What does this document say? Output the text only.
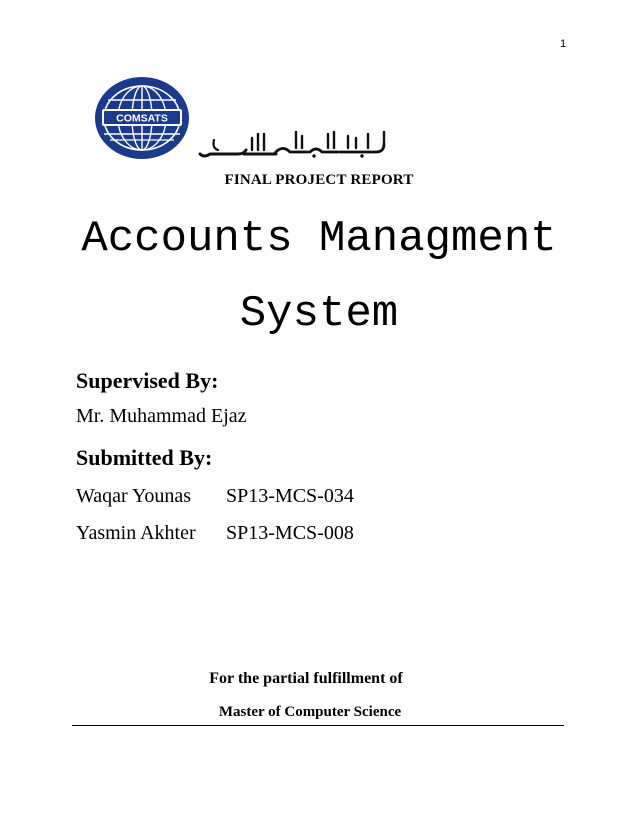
1
COMSATS
FINAL PROJECT REPORT
Accounts Managment
System
Supervised By:
Mr. Muhammad Ejaz
Submitted By:
Waqar Younas SP13-MCS-034
Yasmin Akhter SP13-MCS-008
For the partial fulfillment of
Master of Computer Science
